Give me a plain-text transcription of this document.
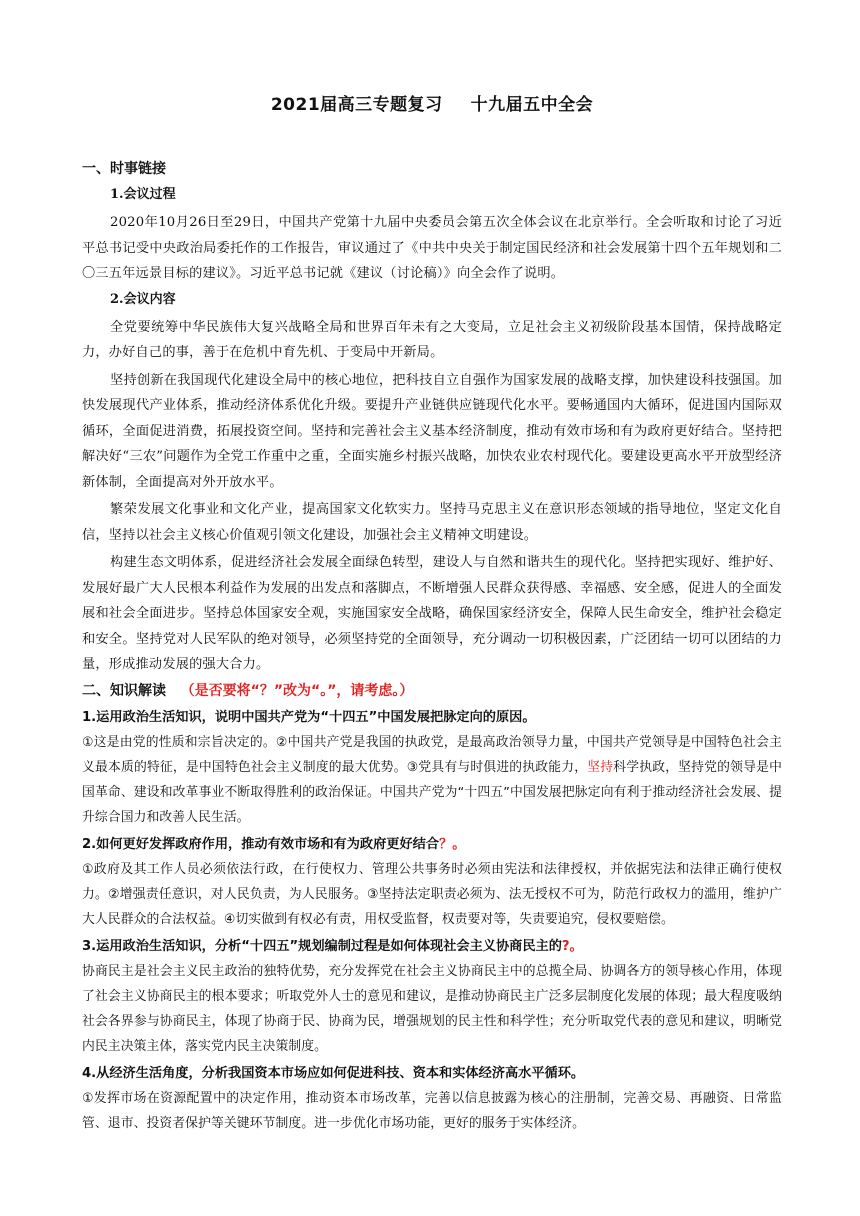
2021届高三专题复习 十九届五中全会
一、时事链接
1.会议过程

2020年10月26日至29日，中国共产党第十九届中央委员会第五次全体会议在北京举行。全会听取和讨论了习近平总书记受中央政治局委托作的工作报告，审议通过了《中共中央关于制定国民经济和社会发展第十四个五年规划和二〇三五年远景目标的建议》。习近平总书记就《建议（讨论稿）》向全会作了说明。

2.会议内容

全党要统筹中华民族伟大复兴战略全局和世界百年未有之大变局，立足社会主义初级阶段基本国情，保持战略定力，办好自己的事，善于在危机中育先机、于变局中开新局。

坚持创新在我国现代化建设全局中的核心地位，把科技自立自强作为国家发展的战略支撑，加快建设科技强国。加快发展现代产业体系，推动经济体系优化升级。要提升产业链供应链现代化水平。要畅通国内大循环，促进国内国际双循环，全面促进消费，拓展投资空间。坚持和完善社会主义基本经济制度，推动有效市场和有为政府更好结合。坚持把解决好“三农”问题作为全党工作重中之重，全面实施乡村振兴战略，加快农业农村现代化。要建设更高水平开放型经济新体制，全面提高对外开放水平。

繁荣发展文化事业和文化产业，提高国家文化软实力。坚持马克思主义在意识形态领域的指导地位，坚定文化自信，坚持以社会主义核心价值观引领文化建设，加强社会主义精神文明建设。

构建生态文明体系，促进经济社会发展全面绿色转型，建设人与自然和谐共生的现代化。坚持把实现好、维护好、发展好最广大人民根本利益作为发展的出发点和落脚点，不断增强人民群众获得感、幸福感、安全感，促进人的全面发展和社会全面进步。坚持总体国家安全观，实施国家安全战略，确保国家经济安全，保障人民生命安全，维护社会稳定和安全。坚持党对人民军队的绝对领导，必须坚持党的全面领导，充分调动一切积极因素，广泛团结一切可以团结的力量，形成推动发展的强大合力。

二、知识解读 （是否要将“？”改为“。”，请考虑。）

1.运用政治生活知识，说明中国共产党为“十四五”中国发展把脉定向的原因。

①这是由党的性质和宗旨决定的。②中国共产党是我国的执政党，是最高政治领导力量，中国共产党领导是中国特色社会主义最本质的特征，是中国特色社会主义制度的最大优势。③党具有与时俱进的执政能力，坚持科学执政，坚持党的领导是中国革命、建设和改革事业不断取得胜利的政治保证。中国共产党为“十四五”中国发展把脉定向有利于推动经济社会发展、提升综合国力和改善人民生活。

2.如何更好发挥政府作用，推动有效市场和有为政府更好结合？。

①政府及其工作人员必须依法行政，在行使权力、管理公共事务时必须由宪法和法律授权，并依据宪法和法律正确行使权力。②增强责任意识，对人民负责，为人民服务。③坚持法定职责必须为、法无授权不可为，防范行政权力的滥用，维护广大人民群众的合法权益。④切实做到有权必有责，用权受监督，权责要对等，失责要追究，侵权要赔偿。

3.运用政治生活知识，分析“十四五”规划编制过程是如何体现社会主义协商民主的?。

协商民主是社会主义民主政治的独特优势，充分发挥党在社会主义协商民主中的总揽全局、协调各方的领导核心作用，体现了社会主义协商民主的根本要求；听取党外人士的意见和建议，是推动协商民主广泛多层制度化发展的体现；最大程度吸纳社会各界参与协商民主，体现了协商于民、协商为民，增强规划的民主性和科学性；充分听取党代表的意见和建议，明晰党内民主决策主体，落实党内民主决策制度。

4.从经济生活角度，分析我国资本市场应如何促进科技、资本和实体经济高水平循环。

①发挥市场在资源配置中的决定作用，推动资本市场改革，完善以信息披露为核心的注册制，完善交易、再融资、日常监管、退市、投资者保护等关键环节制度。进一步优化市场功能，更好的服务于实体经济。
